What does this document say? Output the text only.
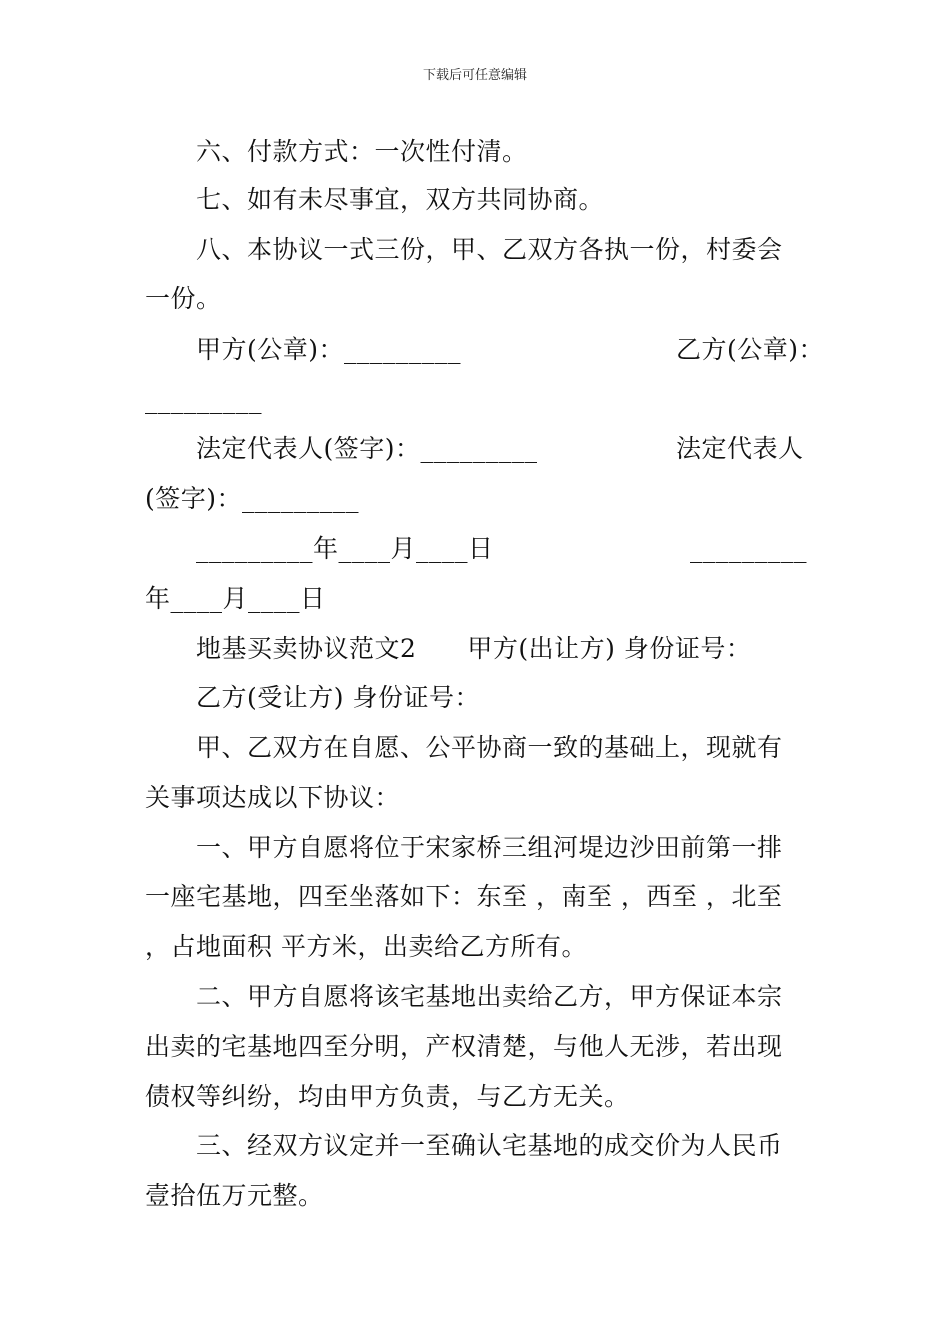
下载后可任意编辑
六、付款方式：一次性付清。
七、如有未尽事宜，双方共同协商。
八、本协议一式三份，甲、乙双方各执一份，村委会
一份。
甲方(公章)：_________	乙方(公章)：
_________
法定代表人(签字)：_________	法定代表人
(签字)：_________
_________年____月____日	_________
年____月____日
地基买卖协议范文2　　甲方(出让方) 身份证号：
乙方(受让方) 身份证号：
甲、乙双方在自愿、公平协商一致的基础上，现就有
关事项达成以下协议：
一、甲方自愿将位于宋家桥三组河堤边沙田前第一排
一座宅基地，四至坐落如下：东至 ，南至 ，西至 ，北至
，占地面积 平方米，出卖给乙方所有。
二、甲方自愿将该宅基地出卖给乙方，甲方保证本宗
出卖的宅基地四至分明，产权清楚，与他人无涉，若出现
债权等纠纷，均由甲方负责，与乙方无关。
三、经双方议定并一至确认宅基地的成交价为人民币
壹拾伍万元整。
